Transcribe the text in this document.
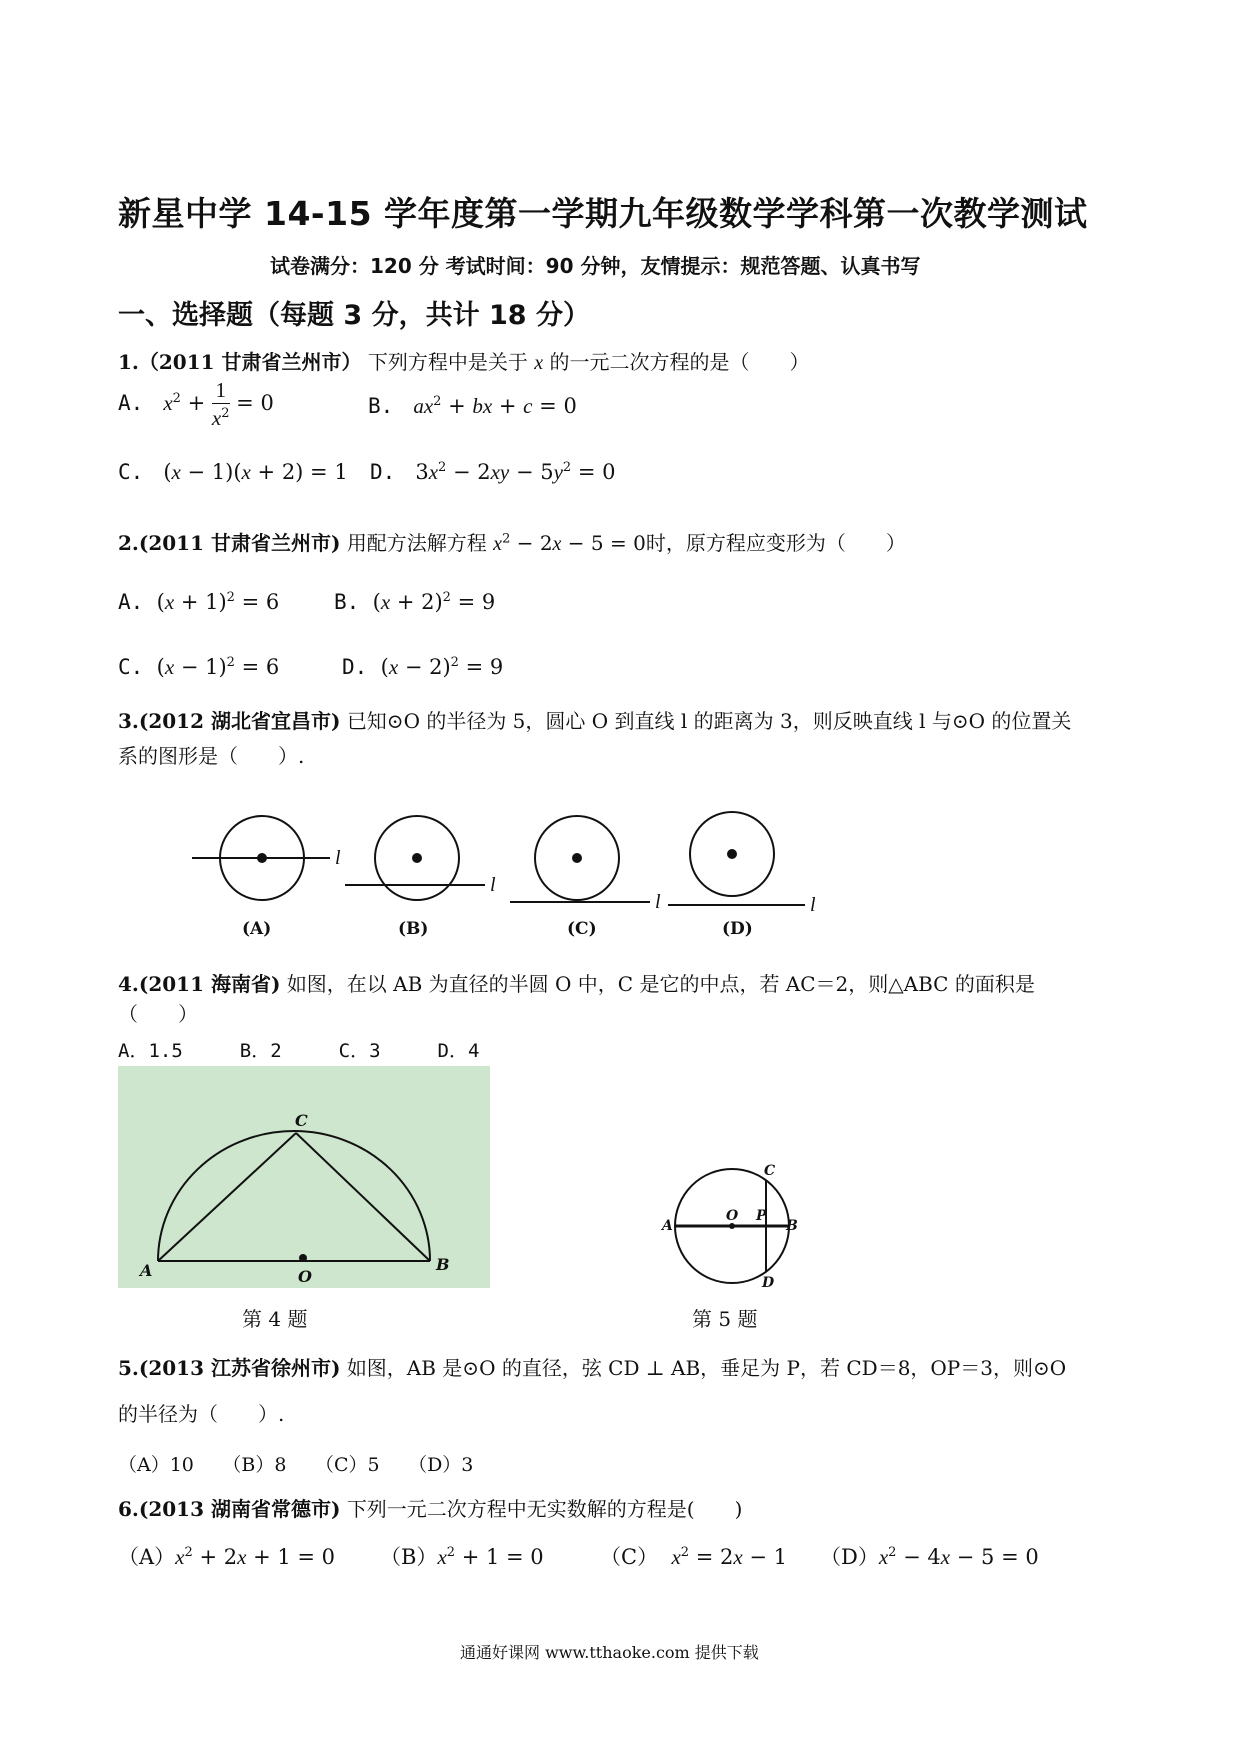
新星中学 14-15 学年度第一学期九年级数学学科第一次教学测试
试卷满分：120 分 考试时间：90 分钟，友情提示：规范答题、认真书写
一、选择题（每题 3 分，共计 18 分）
1.（2011 甘肃省兰州市） 下列方程中是关于 x 的一元二次方程的是（　　）
A. $x^2 + \frac{1}{x^2} = 0$	B. $ax^2$ + bx + c = 0
C.   (x − 1)(x + 2) = 1 D.   $3x^2 - 2xy - 5y^2 = 0$
2.(2011 甘肃省兰州市) 用配方法解方程 $x^2 - 2x - 5 = 0$时，原方程应变形为（　　）
A.  $(x + 1)^2 = 6$	B.  $(x + 2)^2 = 9$
C.  $(x - 1)^2 = 6$	D.  $(x - 2)^2 = 9$
3.(2012 湖北省宜昌市) 已知⊙O 的半径为 5，圆心 O 到直线 l 的距离为 3，则反映直线 l 与⊙O 的位置关
系的图形是（　　）.
l
l
l	l
(A)	(B)	(C)	(D)
4.(2011 海南省) 如图，在以 AB 为直径的半圆 O 中，C 是它的中点，若 AC＝2，则△ABC 的面积是
（　　）
A．1.5　　　B．2　　　C．3　　　D．4
C
A	O
B
A
O P
B
C
D
第 4 题	第 5 题
5.(2013 江苏省徐州市) 如图，AB 是⊙O 的直径，弦 CD ⊥ AB，垂足为 P，若 CD＝8，OP＝3，则⊙O
的半径为（　　）.
（A）10　　（B）8　　（C）5　　（D）3
6.(2013 湖南省常德市) 下列一元二次方程中无实数解的方程是(　　)
$(A)x^2 + 2x + 1 = 0$ $(B)x^2 + 1 = 0$	（C） $x^2 = 2x - 1$ $(D)x^2 - 4x - 5 = 0$
通通好课网 www.tthaoke.com 提供下载
